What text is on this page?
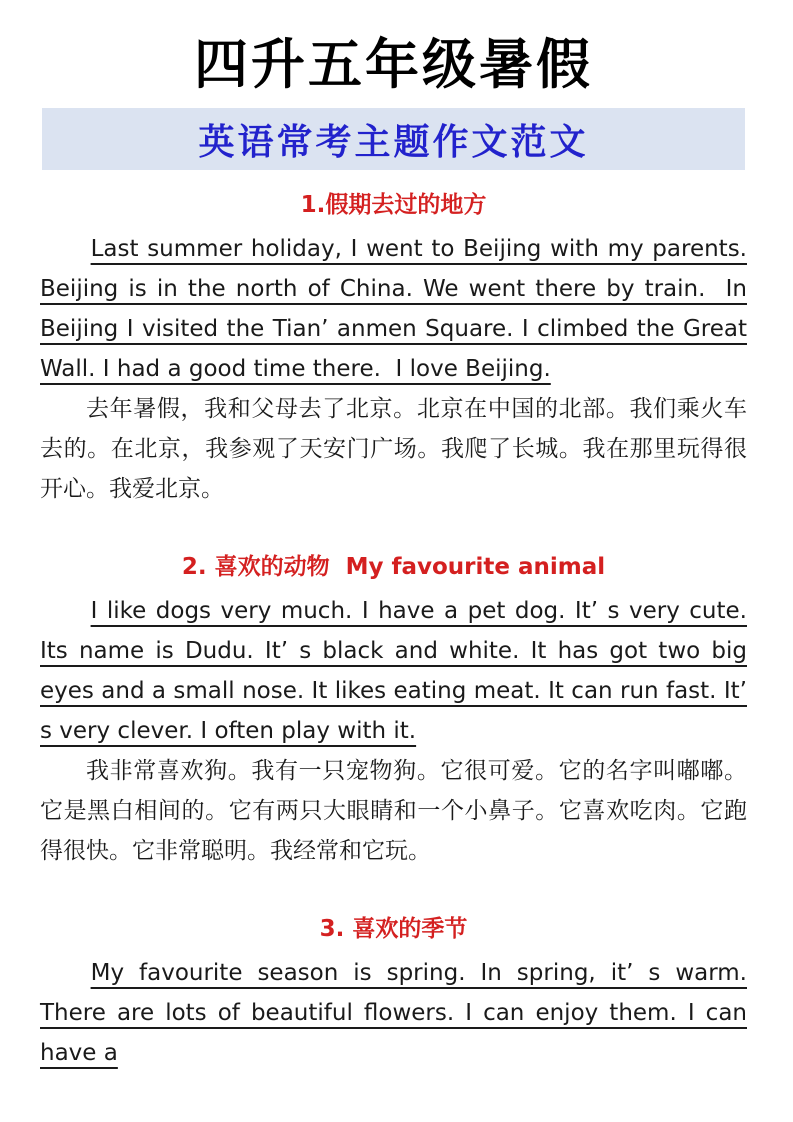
四升五年级暑假
英语常考主题作文范文
1.假期去过的地方

Last summer holiday, I went to Beijing with my parents. Beijing is in the north of China. We went there by train.  In Beijing I visited the Tian’ anmen Square. I climbed the Great Wall. I had a good time there.  I love Beijing.

去年暑假，我和父母去了北京。北京在中国的北部。我们乘火车去的。在北京，我参观了天安门广场。我爬了长城。我在那里玩得很开心。我爱北京。

2. 喜欢的动物  My favourite animal

I like dogs very much. I have a pet dog. It’ s very cute. Its name is Dudu. It’ s black and white. It has got two big eyes and a small nose. It likes eating meat. It can run fast. It’ s very clever. I often play with it.

我非常喜欢狗。我有一只宠物狗。它很可爱。它的名字叫嘟嘟。它是黑白相间的。它有两只大眼睛和一个小鼻子。它喜欢吃肉。它跑得很快。它非常聪明。我经常和它玩。

3. 喜欢的季节

My favourite season is spring. In spring, it’ s warm. There are lots of beautiful flowers. I can enjoy them. I can have a
